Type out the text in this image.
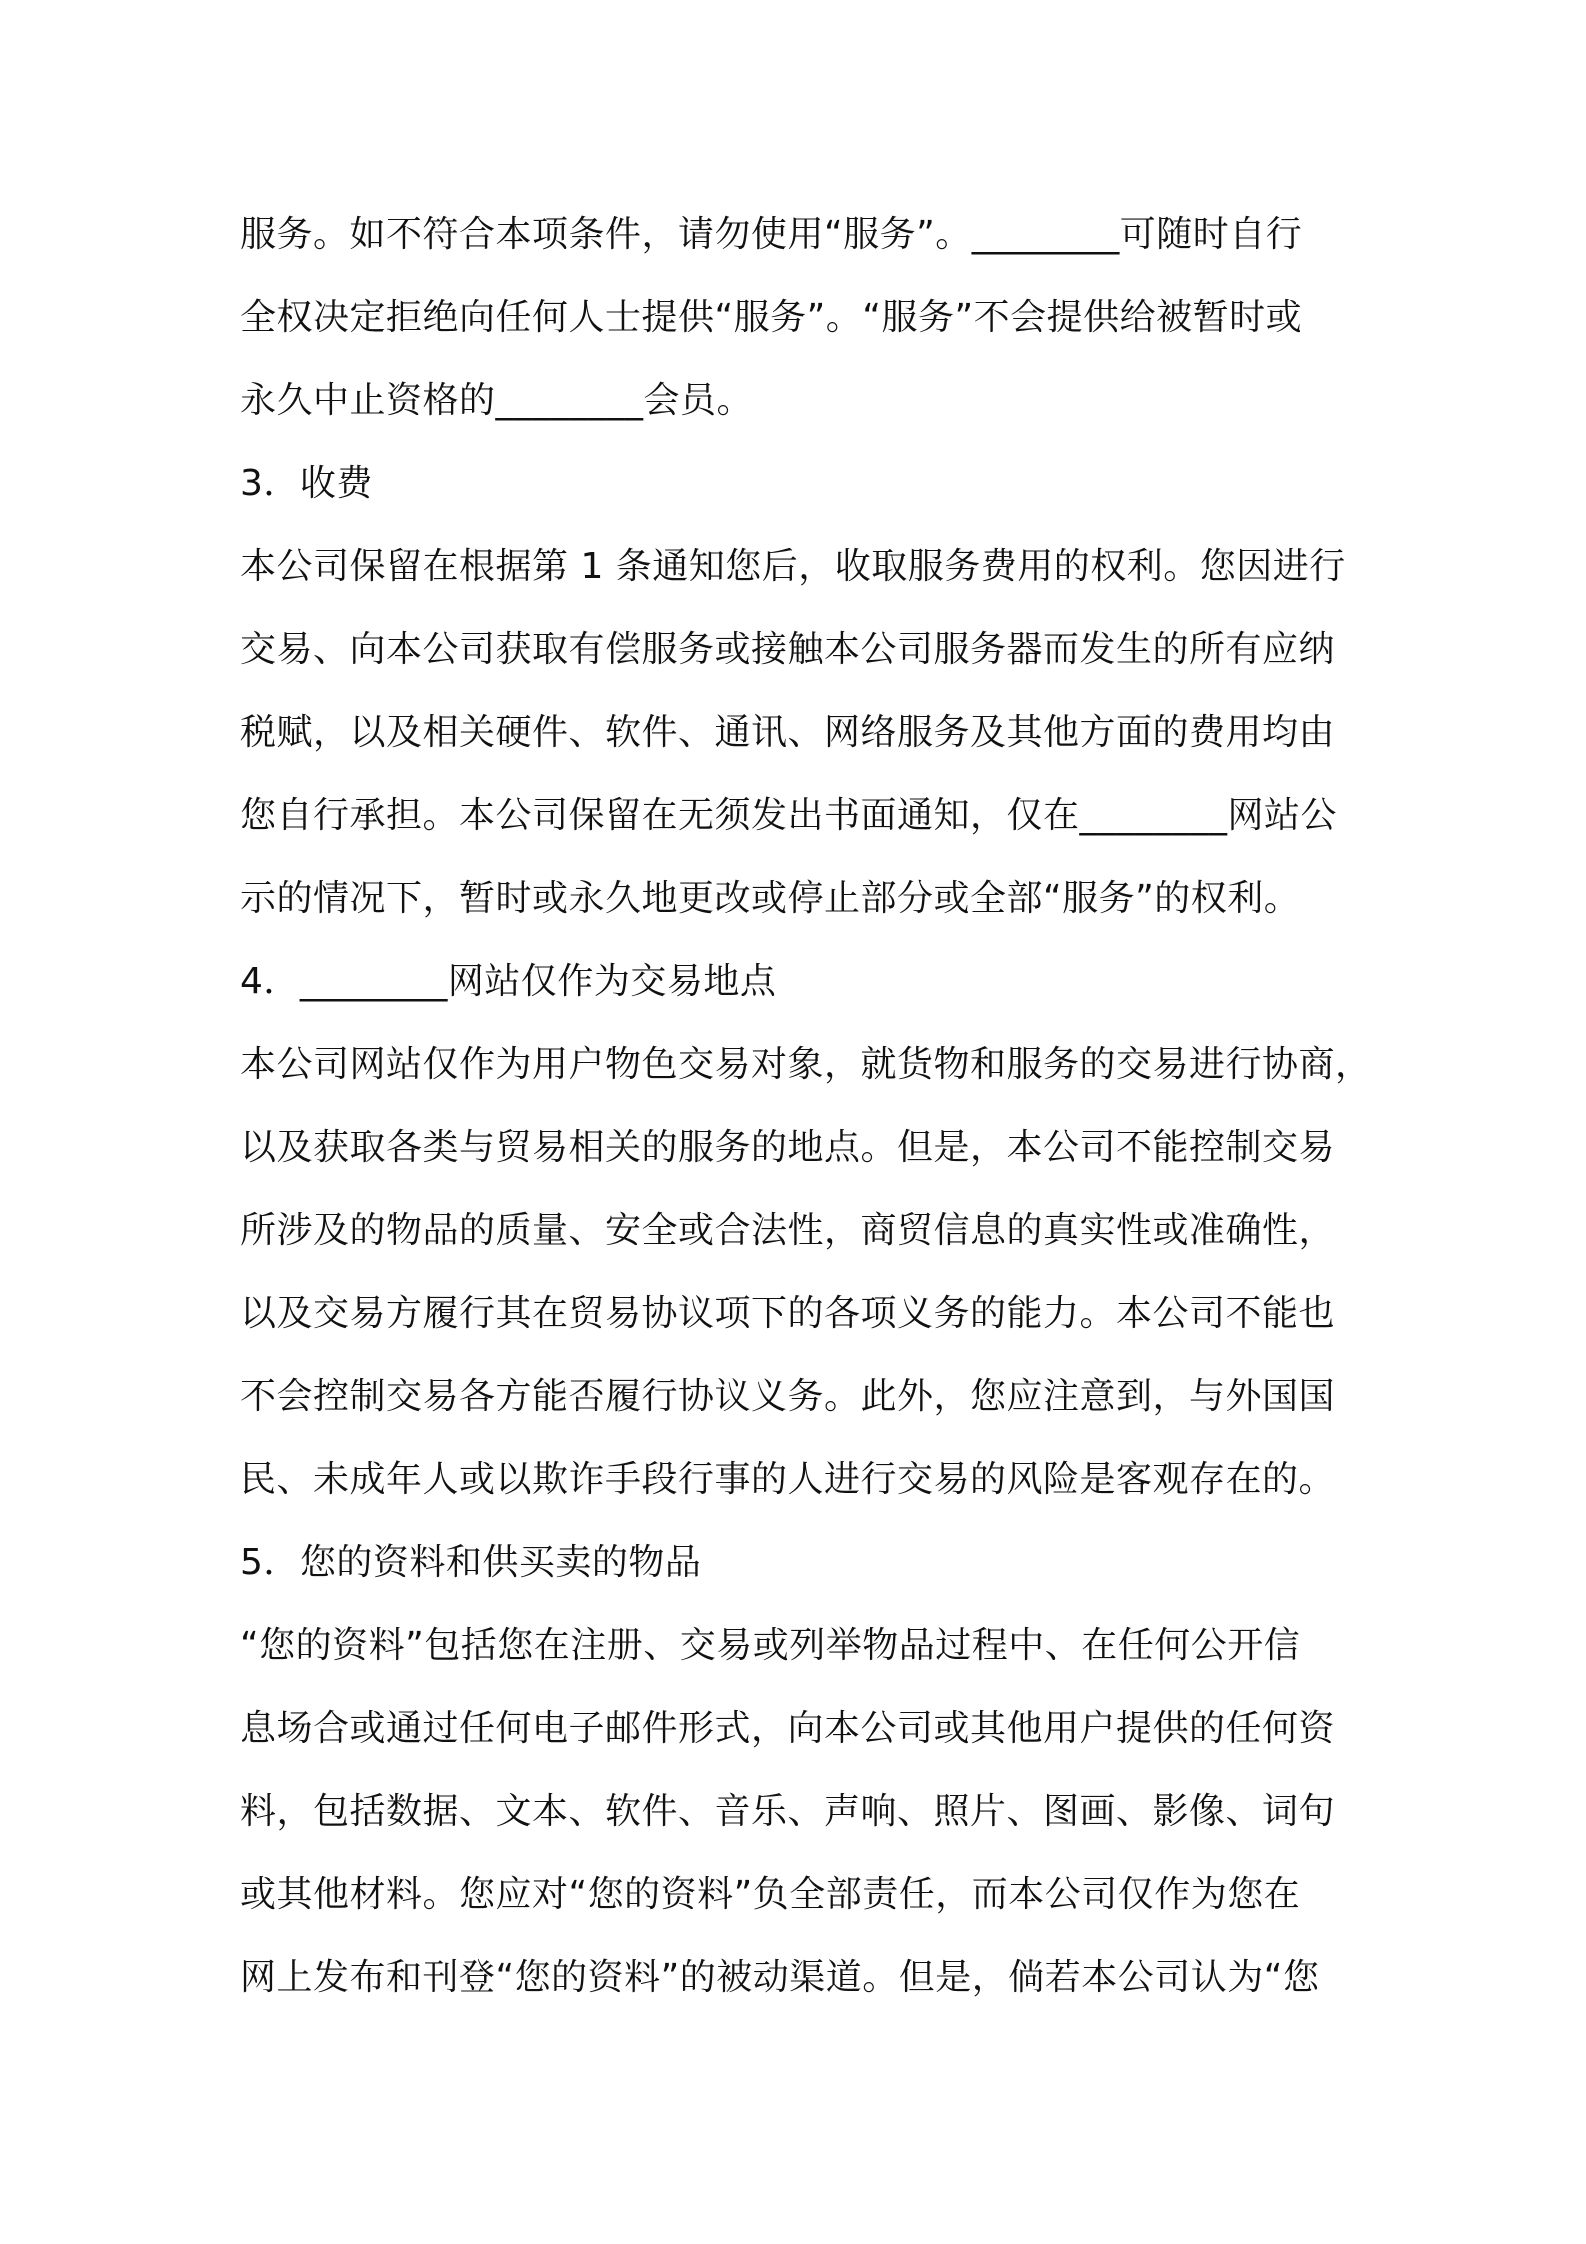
服务。如不符合本项条件，请勿使用“服务”。________可随时自行
全权决定拒绝向任何人士提供“服务”。“服务”不会提供给被暂时或
永久中止资格的________会员。
3．收费
本公司保留在根据第 1 条通知您后，收取服务费用的权利。您因进行
交易、向本公司获取有偿服务或接触本公司服务器而发生的所有应纳
税赋，以及相关硬件、软件、通讯、网络服务及其他方面的费用均由
您自行承担。本公司保留在无须发出书面通知，仅在________网站公
示的情况下，暂时或永久地更改或停止部分或全部“服务”的权利。
4．________网站仅作为交易地点
本公司网站仅作为用户物色交易对象，就货物和服务的交易进行协商，
以及获取各类与贸易相关的服务的地点。但是，本公司不能控制交易
所涉及的物品的质量、安全或合法性，商贸信息的真实性或准确性，
以及交易方履行其在贸易协议项下的各项义务的能力。本公司不能也
不会控制交易各方能否履行协议义务。此外，您应注意到，与外国国
民、未成年人或以欺诈手段行事的人进行交易的风险是客观存在的。
5．您的资料和供买卖的物品
“您的资料”包括您在注册、交易或列举物品过程中、在任何公开信
息场合或通过任何电子邮件形式，向本公司或其他用户提供的任何资
料，包括数据、文本、软件、音乐、声响、照片、图画、影像、词句
或其他材料。您应对“您的资料”负全部责任，而本公司仅作为您在
网上发布和刊登“您的资料”的被动渠道。但是，倘若本公司认为“您
